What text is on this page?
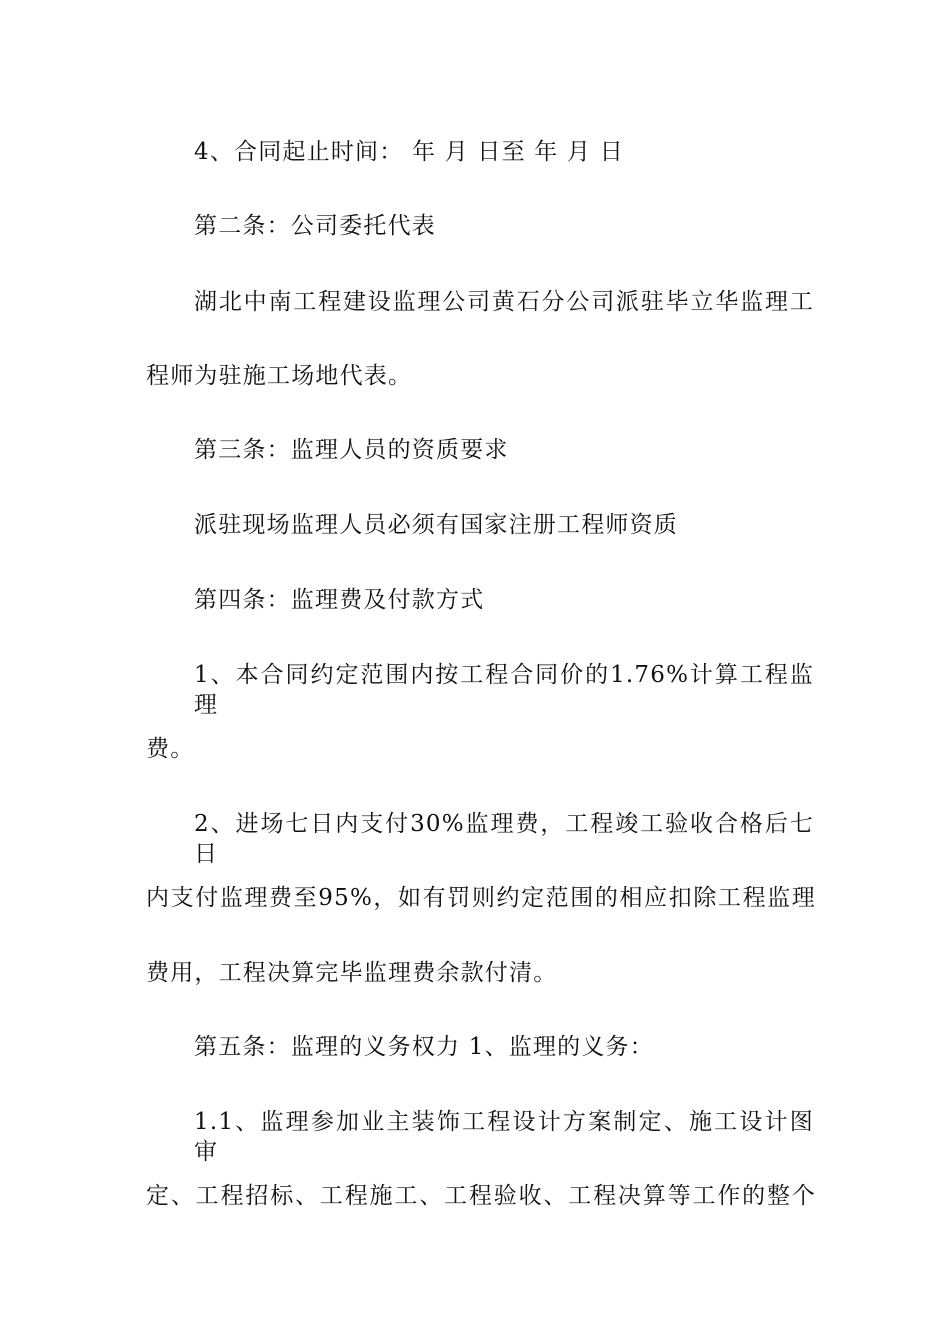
4、合同起止时间： 年 月 日至 年 月 日
第二条：公司委托代表
湖北中南工程建设监理公司黄石分公司派驻毕立华监理工
程师为驻施工场地代表。
第三条：监理人员的资质要求
派驻现场监理人员必须有国家注册工程师资质
第四条：监理费及付款方式
1、本合同约定范围内按工程合同价的1.76%计算工程监理
费。
2、进场七日内支付30%监理费，工程竣工验收合格后七日
内支付监理费至95%，如有罚则约定范围的相应扣除工程监理
费用，工程决算完毕监理费余款付清。
第五条：监理的义务权力 1、监理的义务：
1.1、监理参加业主装饰工程设计方案制定、施工设计图审
定、工程招标、工程施工、工程验收、工程决算等工作的整个
